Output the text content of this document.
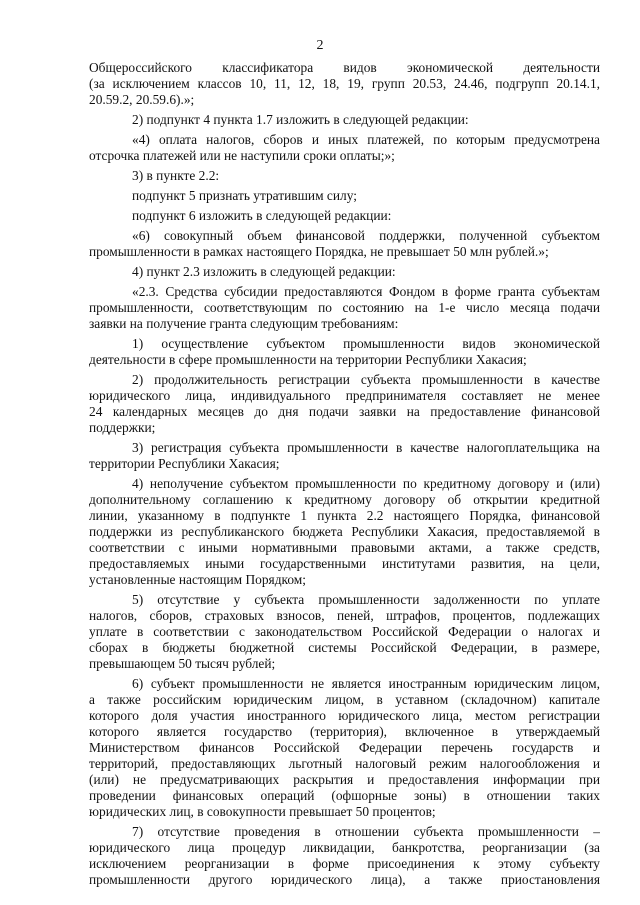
2
Общероссийского классификатора видов экономической деятельности
(за исключением классов 10, 11, 12, 18, 19, групп 20.53, 24.46, подгрупп 20.14.1,
20.59.2, 20.59.6).»;
2) подпункт 4 пункта 1.7 изложить в следующей редакции:
«4) оплата налогов, сборов и иных платежей, по которым предусмотрена
отсрочка платежей или не наступили сроки оплаты;»;
3) в пункте 2.2:
подпункт 5 признать утратившим силу;
подпункт 6 изложить в следующей редакции:
«6) совокупный объем финансовой поддержки, полученной субъектом
промышленности в рамках настоящего Порядка, не превышает 50 млн рублей.»;
4) пункт 2.3 изложить в следующей редакции:
«2.3. Средства субсидии предоставляются Фондом в форме гранта субъектам
промышленности, соответствующим по состоянию на 1-е число месяца подачи
заявки на получение гранта следующим требованиям:
1) осуществление субъектом промышленности видов экономической
деятельности в сфере промышленности на территории Республики Хакасия;
2) продолжительность регистрации субъекта промышленности в качестве
юридического лица, индивидуального предпринимателя составляет не менее
24 календарных месяцев до дня подачи заявки на предоставление финансовой
поддержки;
3) регистрация субъекта промышленности в качестве налогоплательщика на
территории Республики Хакасия;
4) неполучение субъектом промышленности по кредитному договору и (или)
дополнительному соглашению к кредитному договору об открытии кредитной
линии, указанному в подпункте 1 пункта 2.2 настоящего Порядка, финансовой
поддержки из республиканского бюджета Республики Хакасия, предоставляемой в
соответствии с иными нормативными правовыми актами, а также средств,
предоставляемых иными государственными институтами развития, на цели,
установленные настоящим Порядком;
5) отсутствие у субъекта промышленности задолженности по уплате
налогов, сборов, страховых взносов, пеней, штрафов, процентов, подлежащих
уплате в соответствии с законодательством Российской Федерации о налогах и
сборах в бюджеты бюджетной системы Российской Федерации, в размере,
превышающем 50 тысяч рублей;
6) субъект промышленности не является иностранным юридическим лицом,
а также российским юридическим лицом, в уставном (складочном) капитале
которого доля участия иностранного юридического лица, местом регистрации
которого является государство (территория), включенное в утверждаемый
Министерством финансов Российской Федерации перечень государств и
территорий, предоставляющих льготный налоговый режим налогообложения и
(или) не предусматривающих раскрытия и предоставления информации при
проведении финансовых операций (офшорные зоны) в отношении таких
юридических лиц, в совокупности превышает 50 процентов;
7) отсутствие проведения в отношении субъекта промышленности –
юридического лица процедур ликвидации, банкротства, реорганизации (за
исключением реорганизации в форме присоединения к этому субъекту
промышленности другого юридического лица), а также приостановления
